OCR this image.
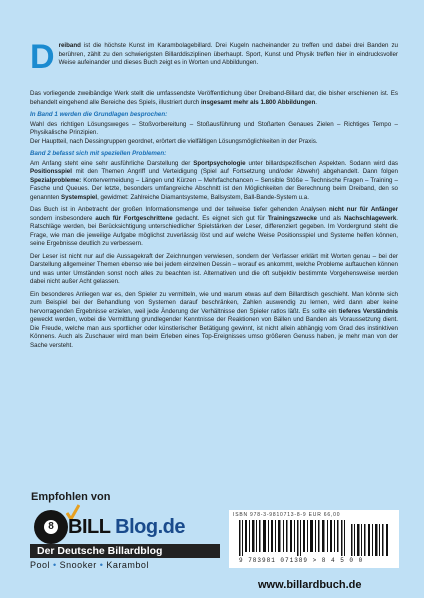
D reiband ist die höchste Kunst im Karambolagebillard. Drei Kugeln nacheinander zu treffen und dabei drei Banden zu berühren, zählt zu den schwierigsten Billarddisziplinen überhaupt. Sport, Kunst und Physik treffen hier in eindrucksvoller Weise aufeinander und dieses Buch zeigt es in Worten und Abbildungen.

Das vorliegende zweibändige Werk stellt die umfassendste Veröffentlichung über Dreiband-Billard dar, die bisher erschienen ist. Es behandelt eingehend alle Bereiche des Spiels, illustriert durch insgesamt mehr als 1.800 Abbildungen.

In Band 1 werden die Grundlagen besprochen:

Wahl des richtigen Lösungsweges – Stoßvorbereitung – Stoßausführung und Stoßarten Genaues Zielen – Richtiges Tempo – Physikalische Prinzipien.

Der Hauptteil, nach Dessingruppen geordnet, erörtert die vielfältigen Lösungsmöglichkeiten in der Praxis.

Band 2 befasst sich mit speziellen Problemen:

Am Anfang steht eine sehr ausführliche Darstellung der Sportpsychologie unter billardspezifischen Aspekten. Sodann wird das Positionsspiel mit den Themen Angriff und Verteidigung (Spiel auf Fortsetzung und/oder Abwehr) abgehandelt. Dann folgen Spezialprobleme: Kontervermeidung – Längen und Kürzen – Mehrfachchancen – Sensible Stöße – Technische Fragen – Training – Fasche und Queues. Der letzte, besonders umfangreiche Abschnitt ist den Möglichkeiten der Berechnung beim Dreiband, den so genannten Systemspiel, gewidmet: Zahlreiche Diamantsysteme, Ballsystem, Ball-Bande-System u.a.

Das Buch ist in Anbetracht der großen Informationsmenge und der teilweise tiefer gehenden Analysen nicht nur für Anfänger sondern insbesondere auch für Fortgeschrittene gedacht. Es eignet sich gut für Trainingszwecke und als Nachschlagewerk. Ratschläge werden, bei Berücksichtigung unterschiedlicher Spielstärken der Leser, differenziert gegeben. Im Vordergrund steht die Frage, wie man die jeweilige Aufgabe möglichst zuverlässig löst und auf welche Weise Positionsspiel und Systeme helfen können, seine Ergebnisse deutlich zu verbessern.

Der Leser ist nicht nur auf die Aussagekraft der Zeichnungen verwiesen, sondern der Verfasser erklärt mit Worten genau – bei der Darstellung allgemeiner Themen ebenso wie bei jedem einzelnen Dessin – worauf es ankommt, welche Probleme auftauchen können und was unter Umständen sonst noch alles zu beachten ist. Alternativen und die oft subjektiv bestimmte Vorgehensweise werden dabei nicht außer Acht gelassen.

Ein besonderes Anliegen war es, den Spieler zu vermitteln, wie und warum etwas auf dem Billardtisch geschieht. Man könnte sich zum Beispiel bei der Behandlung von Systemen darauf beschränken, Zahlen auswendig zu lernen, wird dann aber keine hervorragenden Ergebnisse erzielen, weil jede Änderung der Verhältnisse den Spieler ratlos läßt. Es sollte ein tieferes Verständnis geweckt werden, wobei die Vermittlung grundlegender Kenntnisse der Reaktionen von Bällen und Banden als Voraussetzung dient. Die Freude, welche man aus sportlicher oder künstlerischer Betätigung gewinnt, ist nicht allein abhängig vom Grad des instinktiven Könnens. Auch als Zuschauer wird man beim Erleben eines Top-Ereignisses umso größeren Genuss haben, je mehr man von der Sache versteht.

Empfohlen von
8 BILL Blog.de
Der Deutsche Billardblog
Pool • Snooker • Karambol
ISBN 978-3-9810713-8-9 EUR 66,00
9 783981 071389 > 8 4 5 0 0
www.billardbuch.de
